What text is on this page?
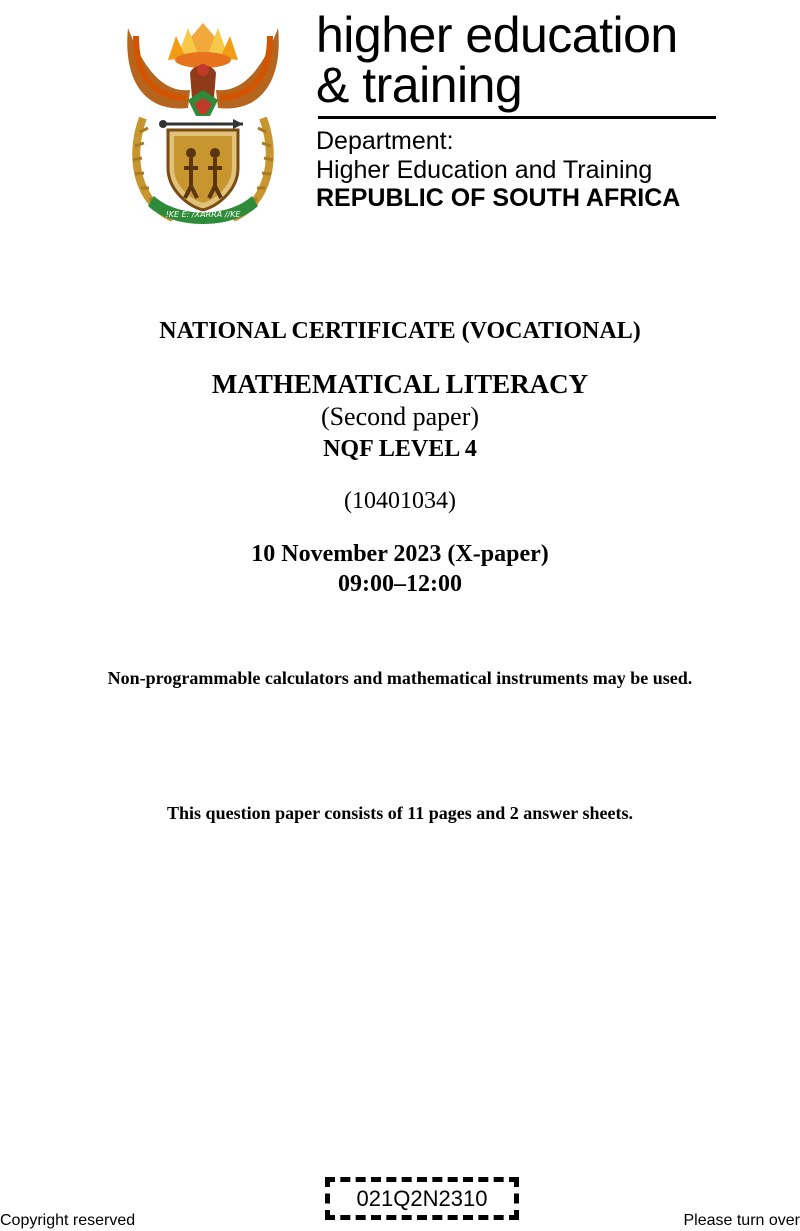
!KE E: /XARRA //KE
higher education
& training
Department:
Higher Education and Training
REPUBLIC OF SOUTH AFRICA
NATIONAL CERTIFICATE (VOCATIONAL)
MATHEMATICAL LITERACY
(Second paper)
NQF LEVEL 4
(10401034)
10 November 2023 (X-paper)
09:00–12:00
Non-programmable calculators and mathematical instruments may be used.
This question paper consists of 11 pages and 2 answer sheets.
021Q2N2310
Copyright reserved	Please turn over
